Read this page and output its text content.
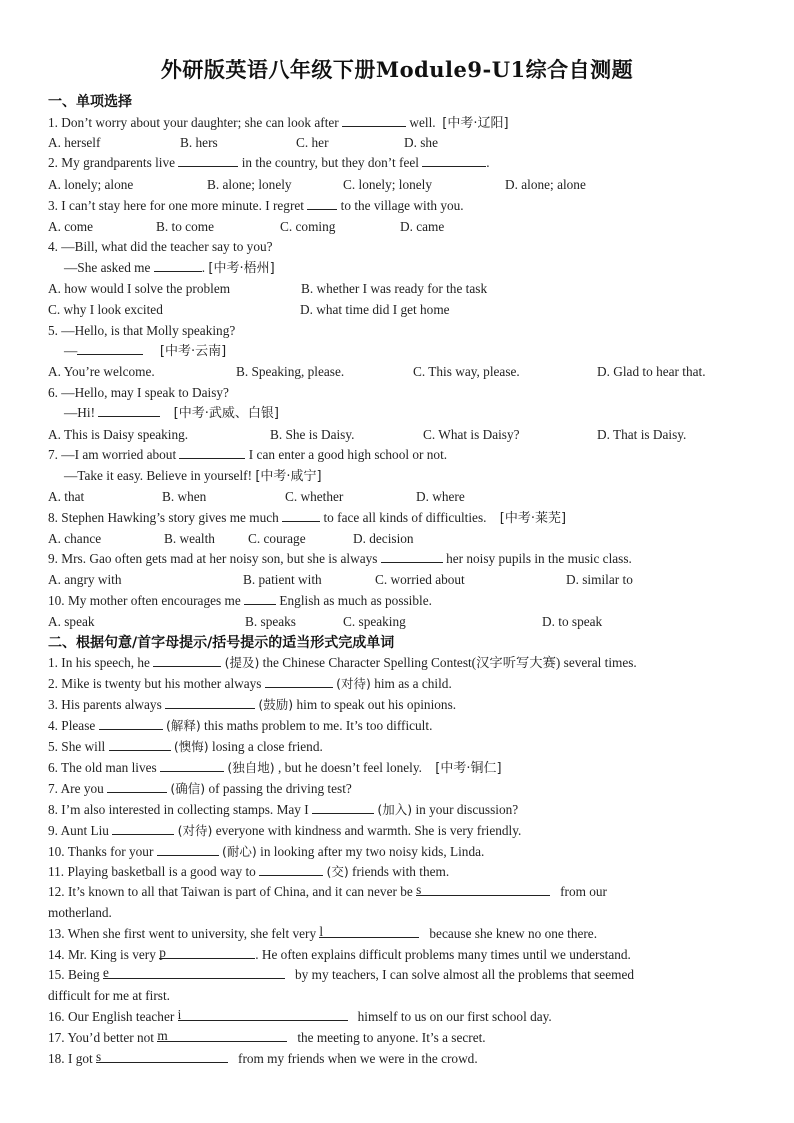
外研版英语八年级下册Module9-U1综合自测题
一、单项选择
1. Don’t worry about your daughter; she can look after	well. [中考·辽阳]
A. herself	B. hers	C. her	D. she
2. My grandparents live	in the country, but they don’t feel	.
A. lonely; alone	B. alone; lonely	C. lonely; lonely	D. alone; alone
3. I can’t stay here for one more minute. I regret	to the village with you.
A. come	B. to come	C. coming	D. came
4. —Bill, what did the teacher say to you?
—She asked me	. [中考·梧州]
A. how would I solve the problem	B. whether I was ready for the task
C. why I look excited	D. what time did I get home
5. —Hello, is that Molly speaking?
—	[中考·云南]
A. You’re welcome.	B. Speaking, please.	C. This way, please.	D. Glad to hear that.
6. —Hello, may I speak to Daisy?
—Hi!	[中考·武威、白银]
A. This is Daisy speaking.	B. She is Daisy.	C. What is Daisy?	D. That is Daisy.
7. —I am worried about	I can enter a good high school or not.
—Take it easy. Believe in yourself! [中考·咸宁]
A. that	B. when	C. whether	D. where
8. Stephen Hawking’s story gives me much	to face all kinds of difficulties. [中考·莱芜]
A. chance	B. wealth C. courage	D. decision
9. Mrs. Gao often gets mad at her noisy son, but she is always	her noisy pupils in the music class.
A. angry with	B. patient with	C. worried about	D. similar to
10. My mother often encourages me	English as much as possible.
A. speak	B. speaks	C. speaking	D. to speak
二、根据句意/首字母提示/括号提示的适当形式完成单词
1. In his speech, he	(提及) the Chinese Character Spelling Contest(汉字听写大赛) several times.
2. Mike is twenty but his mother always	(对待) him as a child.
3. His parents always	(鼓励) him to speak out his opinions.
4. Please	(解释) this maths problem to me. It’s too difficult.
5. She will	(懊悔) losing a close friend.
6. The old man lives	(独自地) , but he doesn’t feel lonely. [中考·铜仁]
7. Are you	(确信) of passing the driving test?
8. I’m also interested in collecting stamps. May I	(加入) in your discussion?
9. Aunt Liu	(对待) everyone with kindness and warmth. She is very friendly.
10. Thanks for your	(耐心) in looking after my two noisy kids, Linda.
11. Playing basketball is a good way to	(交) friends with them.
12. It’s known to all that Taiwan is part of China, and it can never be s	from our
motherland.
13. When she first went to university, she felt very l	because she knew no one there.
14. Mr. King is very p	. He often explains difficult problems many times until we understand.
15. Being e	by my teachers, I can solve almost all the problems that seemed
difficult for me at first.
16. Our English teacher i	himself to us on our first school day.
17. You’d better not m	the meeting to anyone. It’s a secret.
18. I got s	from my friends when we were in the crowd.
